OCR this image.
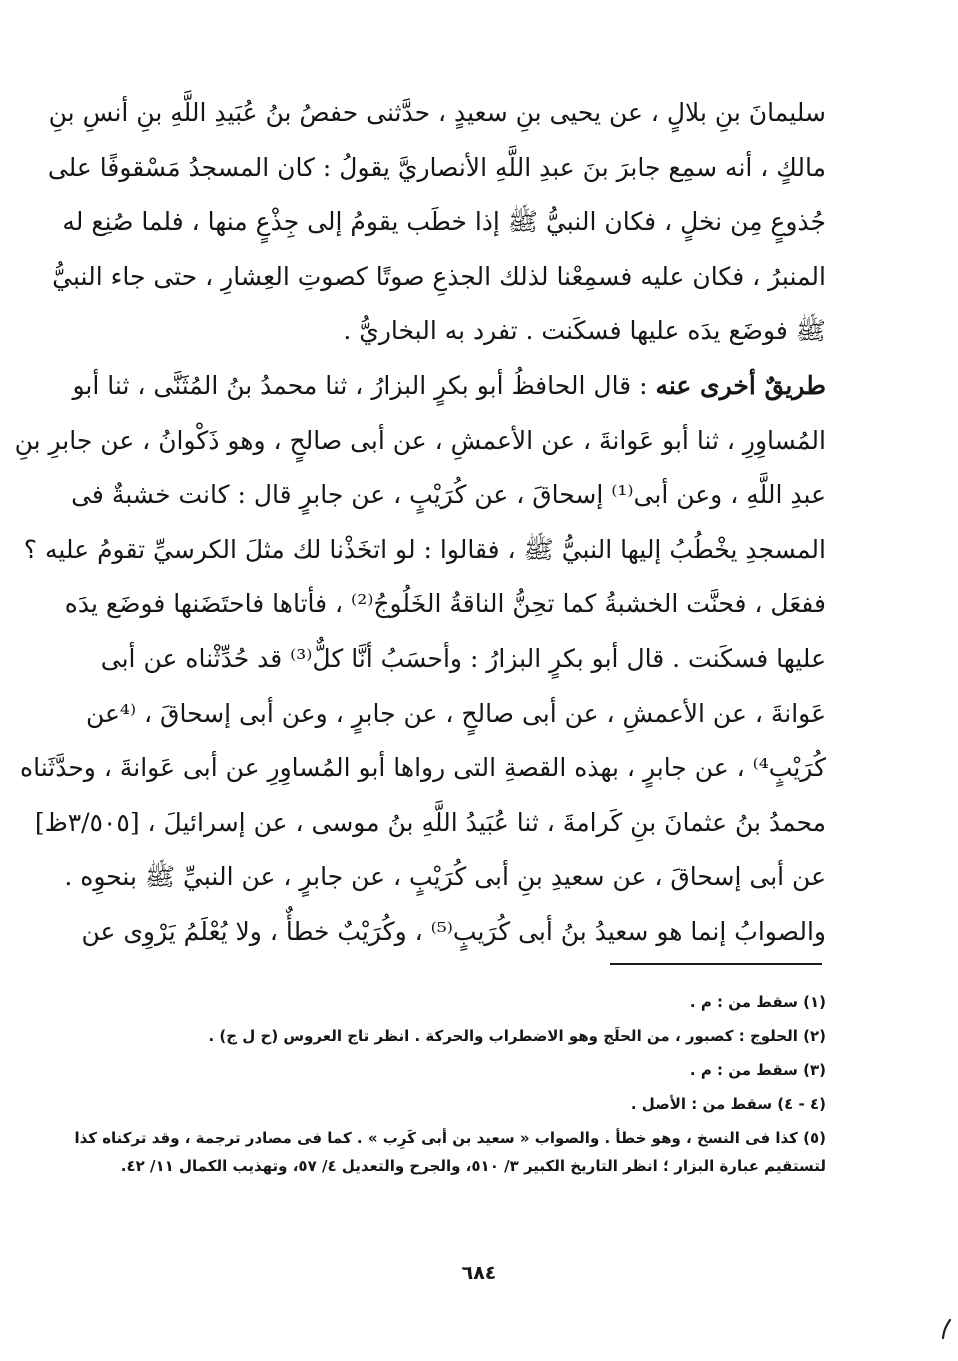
سليمانَ بنِ بلالٍ ، عن يحيى بنِ سعيدٍ ، حدَّثنى حفصُ بنُ عُبَيدِ اللَّهِ بنِ أنسِ بنِ
مالكٍ ، أنه سمِع جابرَ بنَ عبدِ اللَّهِ الأنصاريَّ يقولُ : كان المسجدُ مَسْقوفًا على
جُذوعٍ مِن نخلٍ ، فكان النبيُّ ﷺ إذا خطَب يقومُ إلى جِذْعٍ منها ، فلما صُنِع له
المنبرُ ، فكان عليه فسمِعْنا لذلك الجذعِ صوتًا كصوتِ العِشارِ ، حتى جاء النبيُّ
ﷺ فوضَع يدَه عليها فسكَنت . تفرد به البخاريُّ .
طريقٌ أخرى عنه : قال الحافظُ أبو بكرٍ البزارُ ، ثنا محمدُ بنُ المُثَنَّى ، ثنا أبو
المُساوِرِ ، ثنا أبو عَوانةَ ، عن الأعمشِ ، عن أبى صالحٍ ، وهو ذَكْوانُ ، عن جابرِ بنِ
عبدِ اللَّهِ ، وعن أبى⁽¹⁾ إسحاقَ ، عن كُرَيْبٍ ، عن جابرٍ قال : كانت خشبةٌ فى
المسجدِ يخْطُبُ إليها النبيُّ ﷺ ، فقالوا : لو اتخَذْنا لك مثلَ الكرسيِّ تقومُ عليه ؟
ففعَل ، فحنَّت الخشبةُ كما تحِنُّ الناقةُ الخَلُوجُ⁽²⁾ ، فأتاها فاحتَضَنها فوضَع يدَه
عليها فسكَنت . قال أبو بكرٍ البزارُ : وأحسَبُ أنَّا كلٌّ⁽³⁾ قد حُدِّثْناه عن أبى
عَوانةَ ، عن الأعمشِ ، عن أبى صالحٍ ، عن جابرٍ ، وعن أبى إسحاقَ ، ⁽⁴عن
كُرَيْبٍ⁴⁾ ، عن جابرٍ ، بهذه القصةِ التى رواها أبو المُساوِرِ عن أبى عَوانةَ ، وحدَّثَناه
محمدُ بنُ عثمانَ بنِ كَرامةَ ، ثنا عُبَيدُ اللَّهِ بنُ موسى ، عن إسرائيلَ ، [٣/٥٠٥ظ]
عن أبى إسحاقَ ، عن سعيدِ بنِ أبى كُرَيْبٍ ، عن جابرٍ ، عن النبيِّ ﷺ بنحوِه .
والصوابُ إنما هو سعيدُ بنُ أبى كُرَيبٍ⁽⁵⁾ ، وكُرَيْبٌ خطأٌ ، ولا يُعْلَمُ يَرْوِى عن
(١) سقط من : م .
(٢) الحلوج : كصبور ، من الحلَج وهو الاضطراب والحركة . انظر تاج العروس (ح ل ج) .
(٣) سقط من : م .
(٤ - ٤) سقط من : الأصل .
(٥) كذا فى النسخ ، وهو خطأ . والصواب « سعيد بن أبى كَرِب » . كما فى مصادر ترجمة ، وقد تركناه كذا
لتستقيم عبارة البزار ؛ انظر التاريخ الكبير ٣/ ٥١٠، والجرح والتعديل ٤/ ٥٧، وتهذيب الكمال ١١/ ٤٢.
٦٨٤
